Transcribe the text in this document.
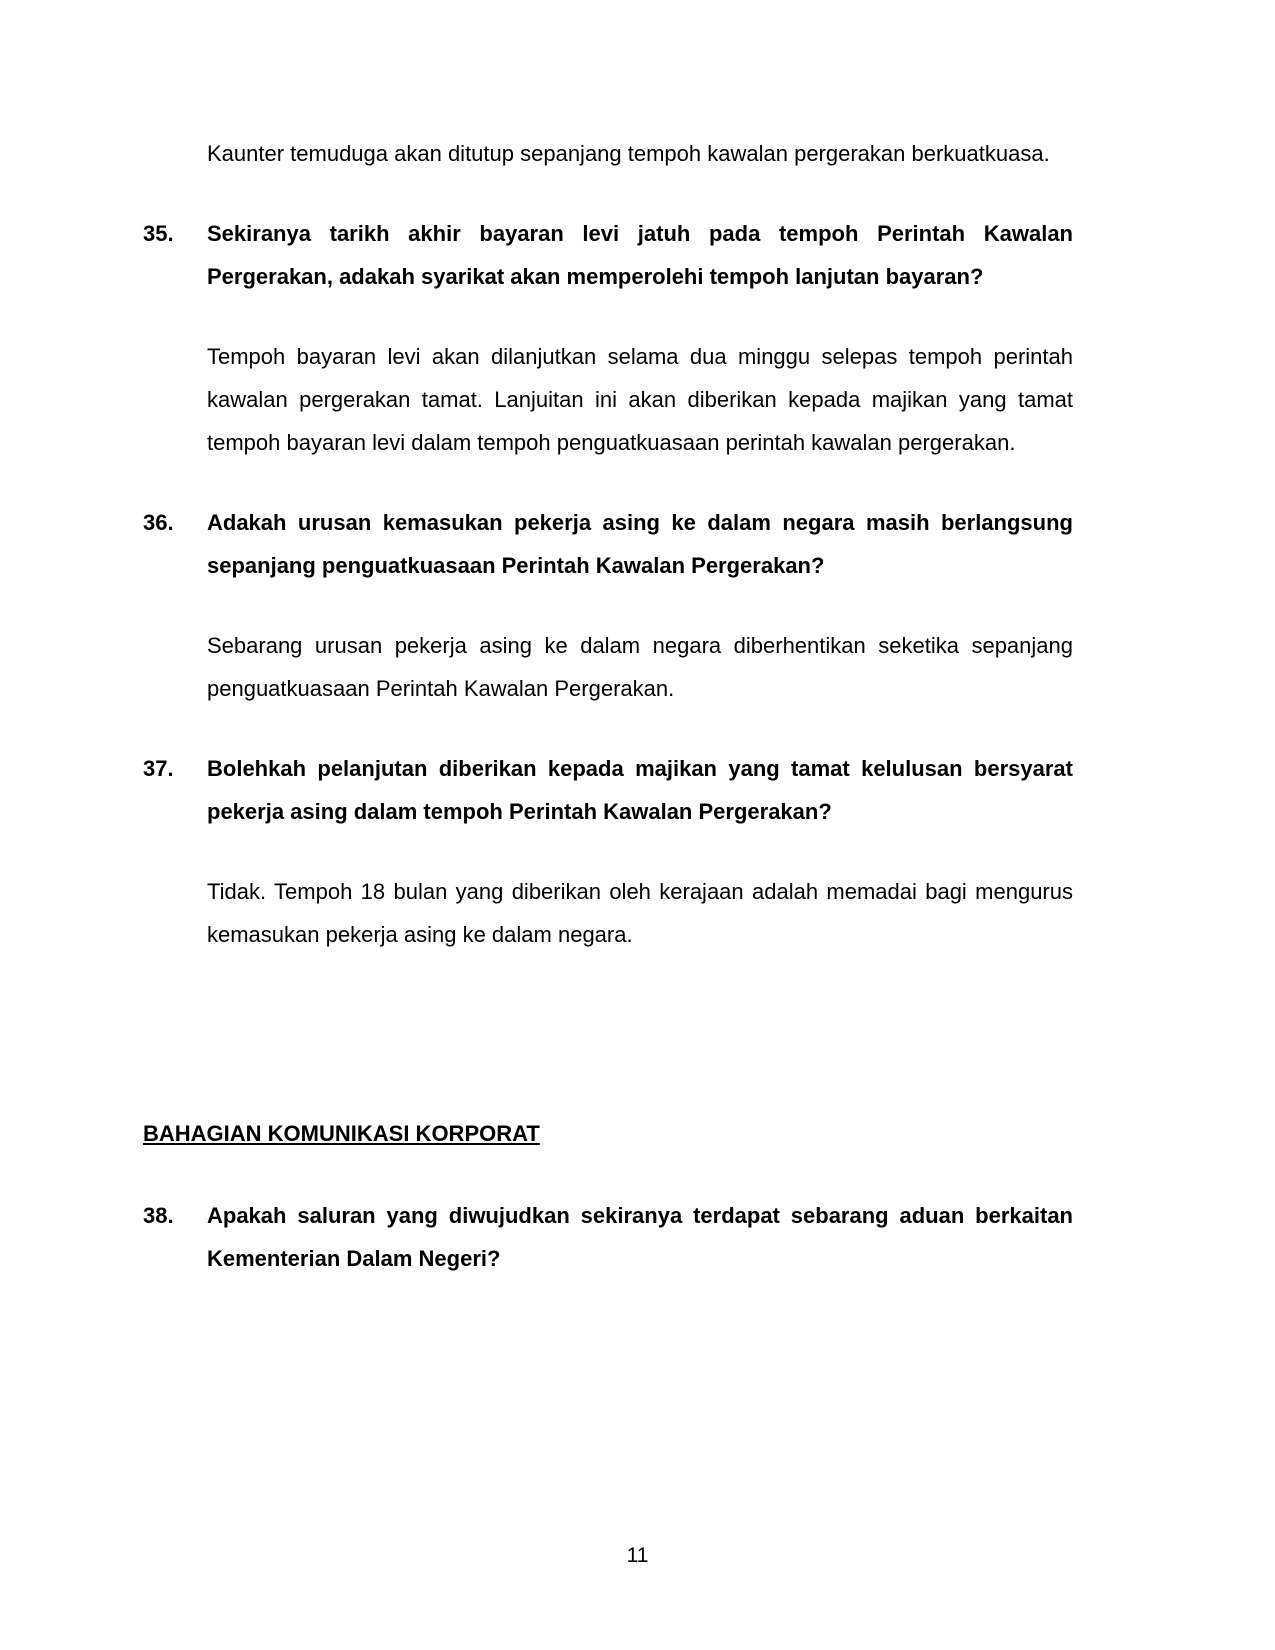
Kaunter temuduga akan ditutup sepanjang tempoh kawalan pergerakan berkuatkuasa.

35.	Sekiranya tarikh akhir bayaran levi jatuh pada tempoh Perintah Kawalan Pergerakan, adakah syarikat akan memperolehi tempoh lanjutan bayaran?

Tempoh bayaran levi akan dilanjutkan selama dua minggu selepas tempoh perintah kawalan pergerakan tamat. Lanjuitan ini akan diberikan kepada majikan yang tamat tempoh bayaran levi dalam tempoh penguatkuasaan perintah kawalan pergerakan.

36.	Adakah urusan kemasukan pekerja asing ke dalam negara masih berlangsung sepanjang penguatkuasaan Perintah Kawalan Pergerakan?

Sebarang urusan pekerja asing ke dalam negara diberhentikan seketika sepanjang penguatkuasaan Perintah Kawalan Pergerakan.

37.	Bolehkah pelanjutan diberikan kepada majikan yang tamat kelulusan bersyarat pekerja asing dalam tempoh Perintah Kawalan Pergerakan?

Tidak. Tempoh 18 bulan yang diberikan oleh kerajaan adalah memadai bagi mengurus kemasukan pekerja asing ke dalam negara.

BAHAGIAN KOMUNIKASI KORPORAT
38.	Apakah saluran yang diwujudkan sekiranya terdapat sebarang aduan berkaitan Kementerian Dalam Negeri?
11
